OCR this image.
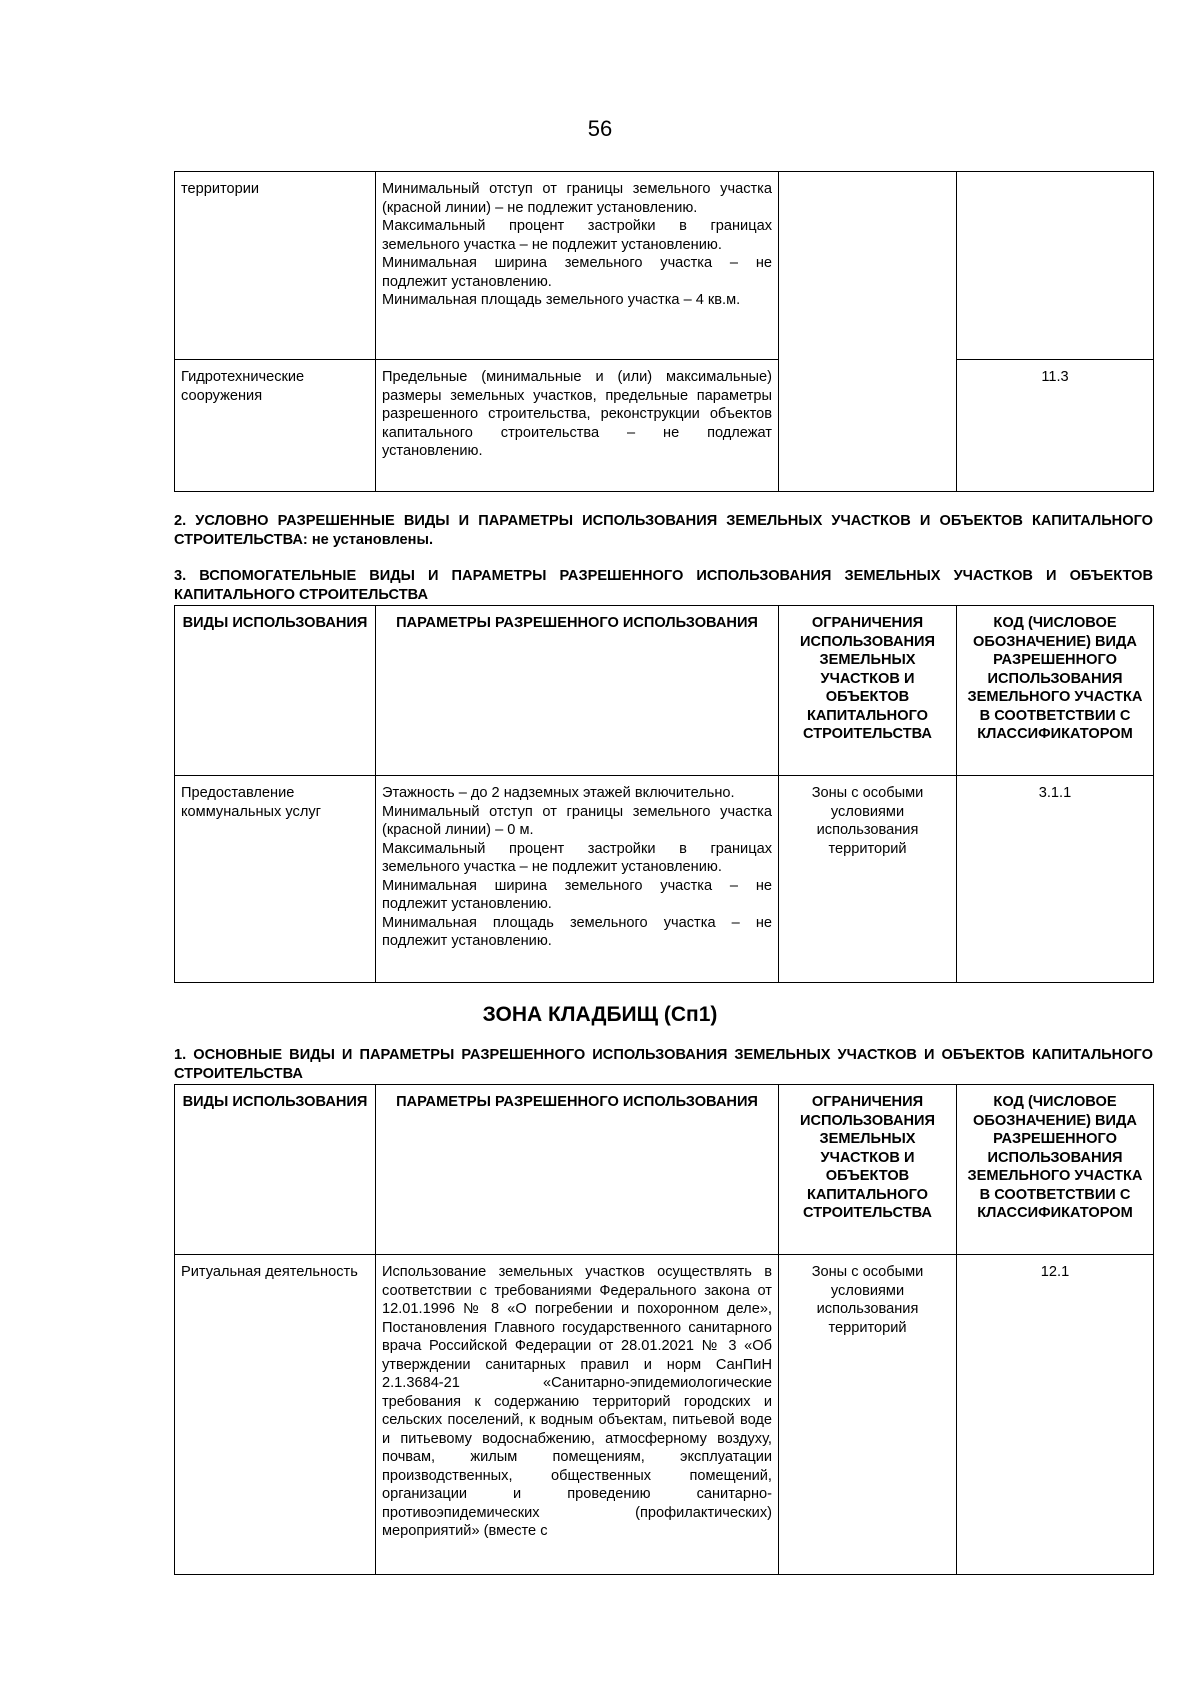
56
территории	Минимальный отступ от границы земельного участка (красной линии) – не подлежит установлению.

Максимальный процент застройки в границах земельного участка – не подлежит установлению.

Минимальная ширина земельного участка – не подлежит установлению.

Минимальная площадь земельного участка – 4 кв.м.		

Гидротехнические сооружения	Предельные (минимальные и (или) максимальные) размеры земельных участков, предельные параметры разрешенного строительства, реконструкции объектов капитального строительства – не подлежат установлению.		11.3
2. УСЛОВНО РАЗРЕШЕННЫЕ ВИДЫ И ПАРАМЕТРЫ ИСПОЛЬЗОВАНИЯ ЗЕМЕЛЬНЫХ УЧАСТКОВ И ОБЪЕКТОВ КАПИТАЛЬНОГО СТРОИТЕЛЬСТВА: не установлены.
3. ВСПОМОГАТЕЛЬНЫЕ ВИДЫ И ПАРАМЕТРЫ РАЗРЕШЕННОГО ИСПОЛЬЗОВАНИЯ ЗЕМЕЛЬНЫХ УЧАСТКОВ И ОБЪЕКТОВ КАПИТАЛЬНОГО СТРОИТЕЛЬСТВА
ВИДЫ ИСПОЛЬЗОВАНИЯ	ПАРАМЕТРЫ РАЗРЕШЕННОГО ИСПОЛЬЗОВАНИЯ	ОГРАНИЧЕНИЯ ИСПОЛЬЗОВАНИЯ ЗЕМЕЛЬНЫХ УЧАСТКОВ И ОБЪЕКТОВ КАПИТАЛЬНОГО СТРОИТЕЛЬСТВА	КОД (ЧИСЛОВОЕ ОБОЗНАЧЕНИЕ) ВИДА РАЗРЕШЕННОГО ИСПОЛЬЗОВАНИЯ ЗЕМЕЛЬНОГО УЧАСТКА В СООТВЕТСТВИИ С КЛАССИФИКАТОРОМ
Предоставление коммунальных услуг	Этажность – до 2 надземных этажей включительно.

Минимальный отступ от границы земельного участка (красной линии) – 0 м.

Максимальный процент застройки в границах земельного участка – не подлежит установлению.

Минимальная ширина земельного участка – не подлежит установлению.

Минимальная площадь земельного участка – не подлежит установлению.	Зоны с особыми условиями использования территорий	3.1.1
ЗОНА КЛАДБИЩ (Сп1)
1. ОСНОВНЫЕ ВИДЫ И ПАРАМЕТРЫ РАЗРЕШЕННОГО ИСПОЛЬЗОВАНИЯ ЗЕМЕЛЬНЫХ УЧАСТКОВ И ОБЪЕКТОВ КАПИТАЛЬНОГО СТРОИТЕЛЬСТВА
ВИДЫ ИСПОЛЬЗОВАНИЯ	ПАРАМЕТРЫ РАЗРЕШЕННОГО ИСПОЛЬЗОВАНИЯ	ОГРАНИЧЕНИЯ ИСПОЛЬЗОВАНИЯ ЗЕМЕЛЬНЫХ УЧАСТКОВ И ОБЪЕКТОВ КАПИТАЛЬНОГО СТРОИТЕЛЬСТВА	КОД (ЧИСЛОВОЕ ОБОЗНАЧЕНИЕ) ВИДА РАЗРЕШЕННОГО ИСПОЛЬЗОВАНИЯ ЗЕМЕЛЬНОГО УЧАСТКА В СООТВЕТСТВИИ С КЛАССИФИКАТОРОМ
Ритуальная деятельность	Использование земельных участков осуществлять в соответствии с требованиями Федерального закона от 12.01.1996 № 8 «О погребении и похоронном деле», Постановления Главного государственного санитарного врача Российской Федерации от 28.01.2021 № 3 «Об утверждении санитарных правил и норм СанПиН 2.1.3684-21 «Санитарно-эпидемиологические требования к содержанию территорий городских и сельских поселений, к водным объектам, питьевой воде и питьевому водоснабжению, атмосферному воздуху, почвам, жилым помещениям, эксплуатации производственных, общественных помещений, организации и проведению санитарно-противоэпидемических (профилактических) мероприятий» (вместе с	Зоны с особыми условиями использования территорий	12.1
